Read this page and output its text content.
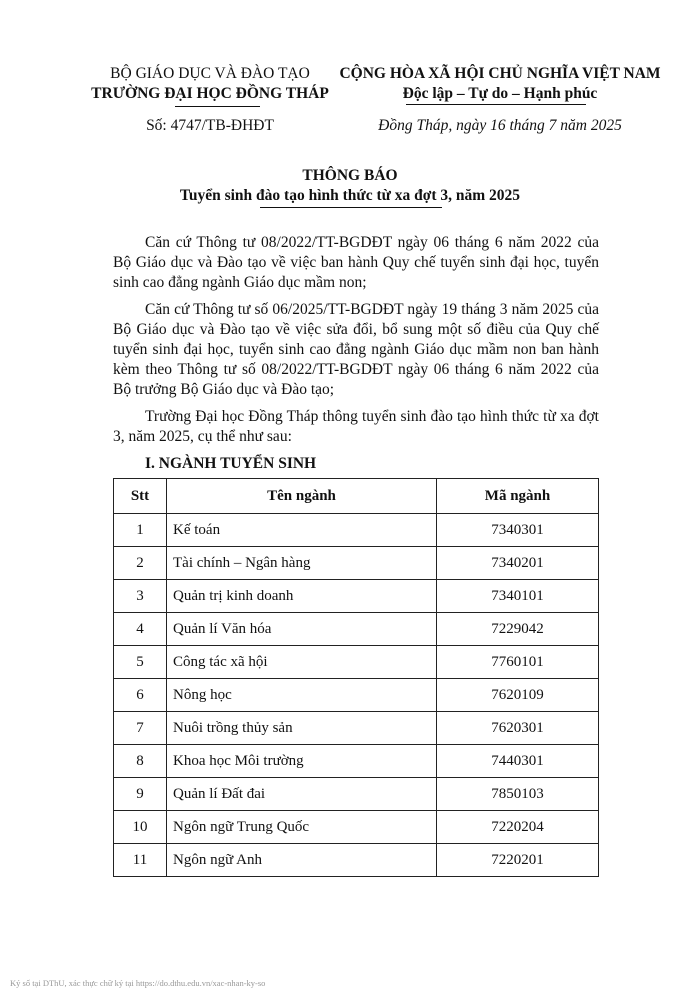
BỘ GIÁO DỤC VÀ ĐÀO TẠO
TRƯỜNG ĐẠI HỌC ĐỒNG THÁP
Số: 4747/TB-ĐHĐT
CỘNG HÒA XÃ HỘI CHỦ NGHĨA VIỆT NAM
Độc lập – Tự do – Hạnh phúc
Đồng Tháp, ngày 16 tháng 7 năm 2025
THÔNG BÁO
Tuyển sinh đào tạo hình thức từ xa đợt 3, năm 2025

Căn cứ Thông tư 08/2022/TT-BGDĐT ngày 06 tháng 6 năm 2022 của Bộ Giáo dục và Đào tạo về việc ban hành Quy chế tuyển sinh đại học, tuyển sinh cao đẳng ngành Giáo dục mầm non;

Căn cứ Thông tư số 06/2025/TT-BGDĐT ngày 19 tháng 3 năm 2025 của Bộ Giáo dục và Đào tạo về việc sửa đổi, bổ sung một số điều của Quy chế tuyển sinh đại học, tuyển sinh cao đẳng ngành Giáo dục mầm non ban hành kèm theo Thông tư số 08/2022/TT-BGDĐT ngày 06 tháng 6 năm 2022 của Bộ trưởng Bộ Giáo dục và Đào tạo;

Trường Đại học Đồng Tháp thông tuyển sinh đào tạo hình thức từ xa đợt 3, năm 2025, cụ thể như sau:

I. NGÀNH TUYỂN SINH
Stt	Tên ngành	Mã ngành
1	Kế toán	7340301
2	Tài chính – Ngân hàng	7340201
3	Quản trị kinh doanh	7340101
4	Quản lí Văn hóa	7229042
5	Công tác xã hội	7760101
6	Nông học	7620109
7	Nuôi trồng thủy sản	7620301
8	Khoa học Môi trường	7440301
9	Quản lí Đất đai	7850103
10	Ngôn ngữ Trung Quốc	7220204
11	Ngôn ngữ Anh	7220201
Ký số tại DThU, xác thực chữ ký tại https://do.dthu.edu.vn/xac-nhan-ky-so
